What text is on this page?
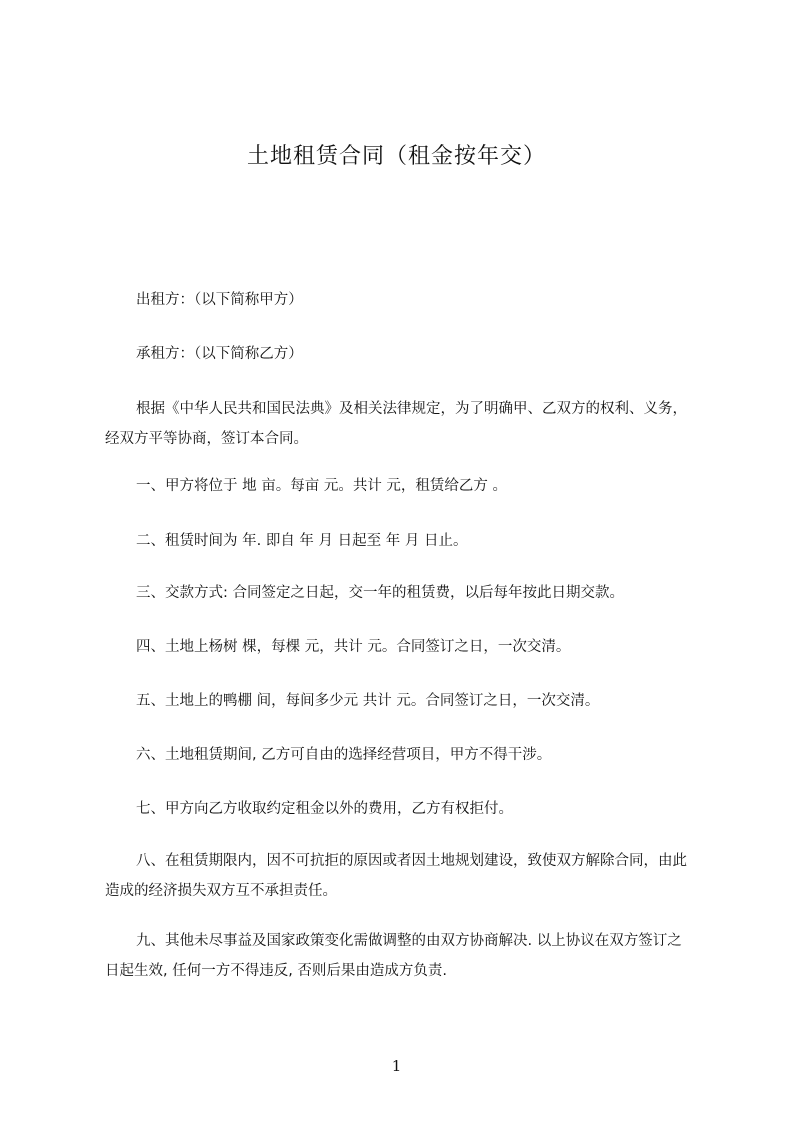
土地租赁合同（租金按年交）

出租方：（以下简称甲方）

承租方：（以下简称乙方）

根据《中华人民共和国民法典》及相关法律规定，为了明确甲、乙双方的权利、义务，经双方平等协商，签订本合同。

一、甲方将位于 地 亩。每亩 元。共计 元，租赁给乙方 。

二、租赁时间为 年. 即自 年 月 日起至 年 月 日止。

三、交款方式: 合同签定之日起，交一年的租赁费，以后每年按此日期交款。

四、土地上杨树 棵，每棵 元，共计 元。合同签订之日，一次交清。

五、土地上的鸭棚 间，每间多少元 共计 元。合同签订之日，一次交清。

六、土地租赁期间, 乙方可自由的选择经营项目，甲方不得干涉。

七、甲方向乙方收取约定租金以外的费用，乙方有权拒付。

八、在租赁期限内，因不可抗拒的原因或者因土地规划建设，致使双方解除合同，由此造成的经济损失双方互不承担责任。

九、其他未尽事益及国家政策变化需做调整的由双方协商解决. 以上协议在双方签订之日起生效, 任何一方不得违反, 否则后果由造成方负责.

1
